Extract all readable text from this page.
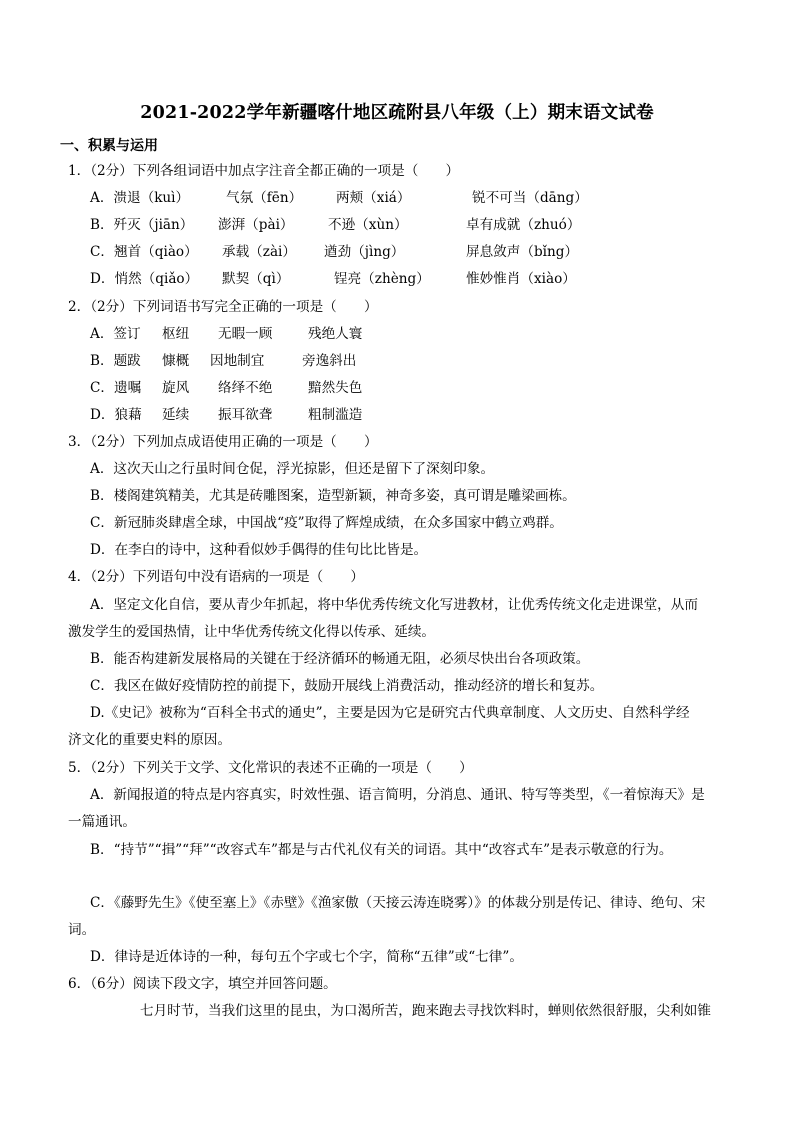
2021-2022学年新疆喀什地区疏附县八年级（上）期末语文试卷
一、积累与运用
1．（2分）下列各组词语中加点字注音全都正确的一项是（　　）
A．溃退（kuì）	气氛（fēn） 两颊（xiá）	锐不可当（dāng）
B．歼灭（jiān） 澎湃（pài）	不逊（xùn）	卓有成就（zhuó）
C．翘首（qiào） 承载（zài） 遒劲（jìng）	屏息敛声（bǐng）
D．悄然（qiǎo） 默契（qì）	锃亮（zhèng）	惟妙惟肖（xiào）
2．（2分）下列词语书写完全正确的一项是（　　）
A．签订 枢纽 无暇一顾	残绝人寰
B．题跋 慷概 因地制宜	旁逸斜出
C．遗嘱 旋风 络绎不绝	黯然失色
D．狼藉 延续 振耳欲聋	粗制滥造
3．（2分）下列加点成语使用正确的一项是（　　）
A．这次天山之行虽时间仓促，浮光掠影，但还是留下了深刻印象。
B．楼阁建筑精美，尤其是砖雕图案，造型新颖，神奇多姿，真可谓是雕梁画栋。
C．新冠肺炎肆虐全球，中国战“疫”取得了辉煌成绩，在众多国家中鹤立鸡群。
D．在李白的诗中，这种看似妙手偶得的佳句比比皆是。
4．（2分）下列语句中没有语病的一项是（　　）
A．坚定文化自信，要从青少年抓起，将中华优秀传统文化写进教材，让优秀传统文化走进课堂，从而
激发学生的爱国热情，让中华优秀传统文化得以传承、延续。
B．能否构建新发展格局的关键在于经济循环的畅通无阻，必须尽快出台各项政策。
C．我区在做好疫情防控的前提下，鼓励开展线上消费活动，推动经济的增长和复苏。
D.《史记》被称为“百科全书式的通史”，主要是因为它是研究古代典章制度、人文历史、自然科学经
济文化的重要史料的原因。
5．（2分）下列关于文学、文化常识的表述不正确的一项是（　　）
A．新闻报道的特点是内容真实，时效性强、语言简明，分消息、通讯、特写等类型，《一着惊海天》是
一篇通讯。
B．“持节”“揖”“拜”“改容式车”都是与古代礼仪有关的词语。其中“改容式车”是表示敬意的行为。
C．《藤野先生》《使至塞上》《赤壁》《渔家傲（天接云涛连晓雾）》的体裁分别是传记、律诗、绝句、宋
词。
D．律诗是近体诗的一种，每句五个字或七个字，简称“五律”或“七律”。
6．（6分）阅读下段文字，填空并回答问题。
七月时节，当我们这里的昆虫，为口渴所苦，跑来跑去寻找饮料时，蝉则依然很舒服，尖利如锥
